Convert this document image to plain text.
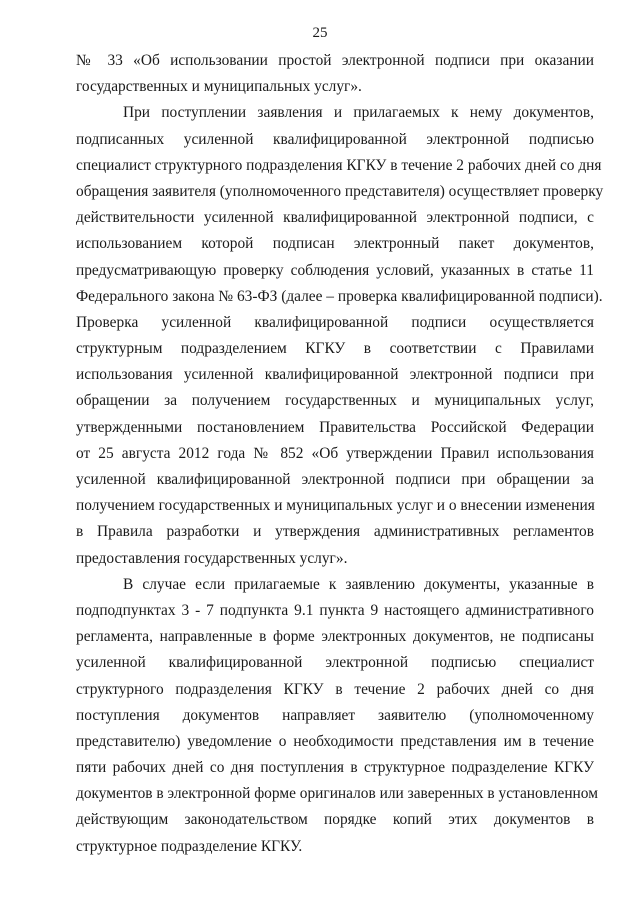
25
№ 33 «Об использовании простой электронной подписи при оказании
государственных и муниципальных услуг».
При поступлении заявления и прилагаемых к нему документов,
подписанных усиленной квалифицированной электронной подписью
специалист структурного подразделения КГКУ в течение 2 рабочих дней со дня
обращения заявителя (уполномоченного представителя) осуществляет проверку
действительности усиленной квалифицированной электронной подписи, с
использованием которой подписан электронный пакет документов,
предусматривающую проверку соблюдения условий, указанных в статье 11
Федерального закона № 63-ФЗ (далее – проверка квалифицированной подписи).
Проверка усиленной квалифицированной подписи осуществляется
структурным подразделением КГКУ в соответствии с Правилами
использования усиленной квалифицированной электронной подписи при
обращении за получением государственных и муниципальных услуг,
утвержденными постановлением Правительства Российской Федерации
от 25 августа 2012 года № 852 «Об утверждении Правил использования
усиленной квалифицированной электронной подписи при обращении за
получением государственных и муниципальных услуг и о внесении изменения
в Правила разработки и утверждения административных регламентов
предоставления государственных услуг».
В случае если прилагаемые к заявлению документы, указанные в
подподпунктах 3 - 7 подпункта 9.1 пункта 9 настоящего административного
регламента, направленные в форме электронных документов, не подписаны
усиленной квалифицированной электронной подписью специалист
структурного подразделения КГКУ в течение 2 рабочих дней со дня
поступления документов направляет заявителю (уполномоченному
представителю) уведомление о необходимости представления им в течение
пяти рабочих дней со дня поступления в структурное подразделение КГКУ
документов в электронной форме оригиналов или заверенных в установленном
действующим законодательством порядке копий этих документов в
структурное подразделение КГКУ.
